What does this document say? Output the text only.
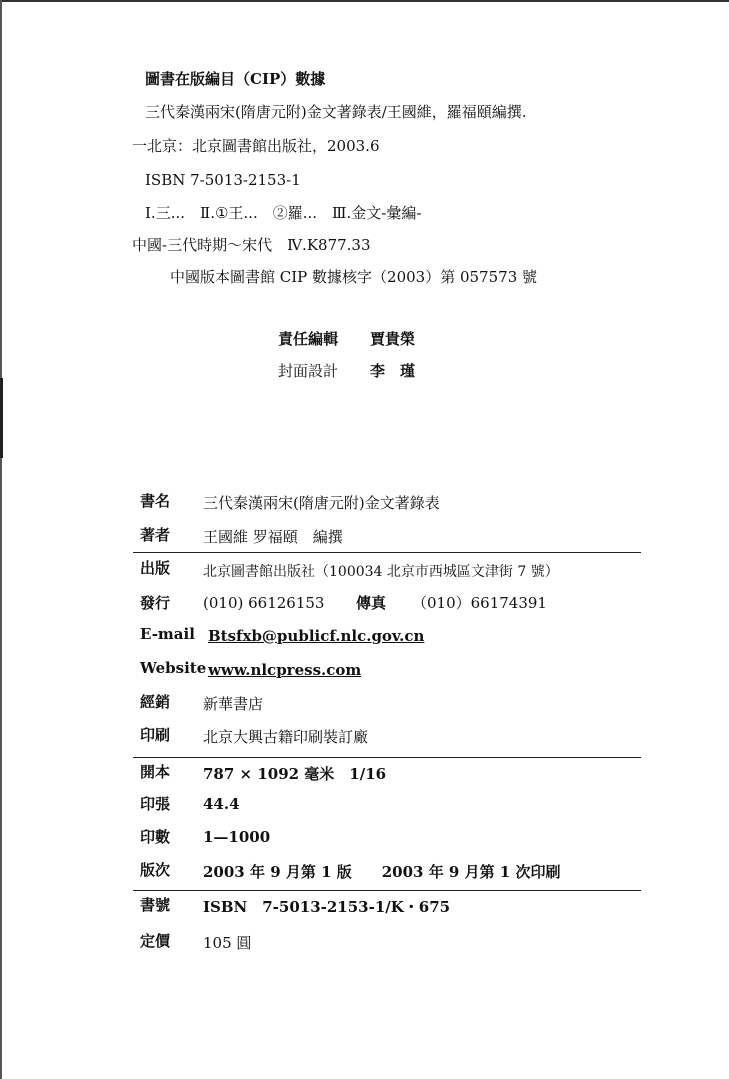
圖書在版編目（CIP）數據
三代秦漢兩宋(隋唐元附)金文著錄表/王國維，羅福頤編撰.
一北京：北京圖書館出版社，2003.6
ISBN 7-5013-2153-1
Ⅰ.三...　Ⅱ.①王...　②羅...　Ⅲ.金文-彙編-
中國-三代時期～宋代　Ⅳ.K877.33
中國版本圖書館 CIP 數據核字（2003）第 057573 號
責任編輯 賈貴榮
封面設計 李　瑾
書名 三代秦漢兩宋(隋唐元附)金文著錄表
著者 王國維 罗福頤　編撰
出版 北京圖書館出版社（100034 北京市西城區文津街 7 號）
發行 (010) 66126153 傳真 （010）66174391
E-mail Btsfxb@publicf.nlc.gov.cn
Website www.nlcpress.com
經銷 新華書店
印刷 北京大興古籍印刷裝訂廠
開本 787 × 1092 毫米　1/16
印張 44.4
印數 1—1000
版次 2003 年 9 月第 1 版　　2003 年 9 月第 1 次印刷
書號 ISBN　7-5013-2153-1/K・675
定價 105 圓
